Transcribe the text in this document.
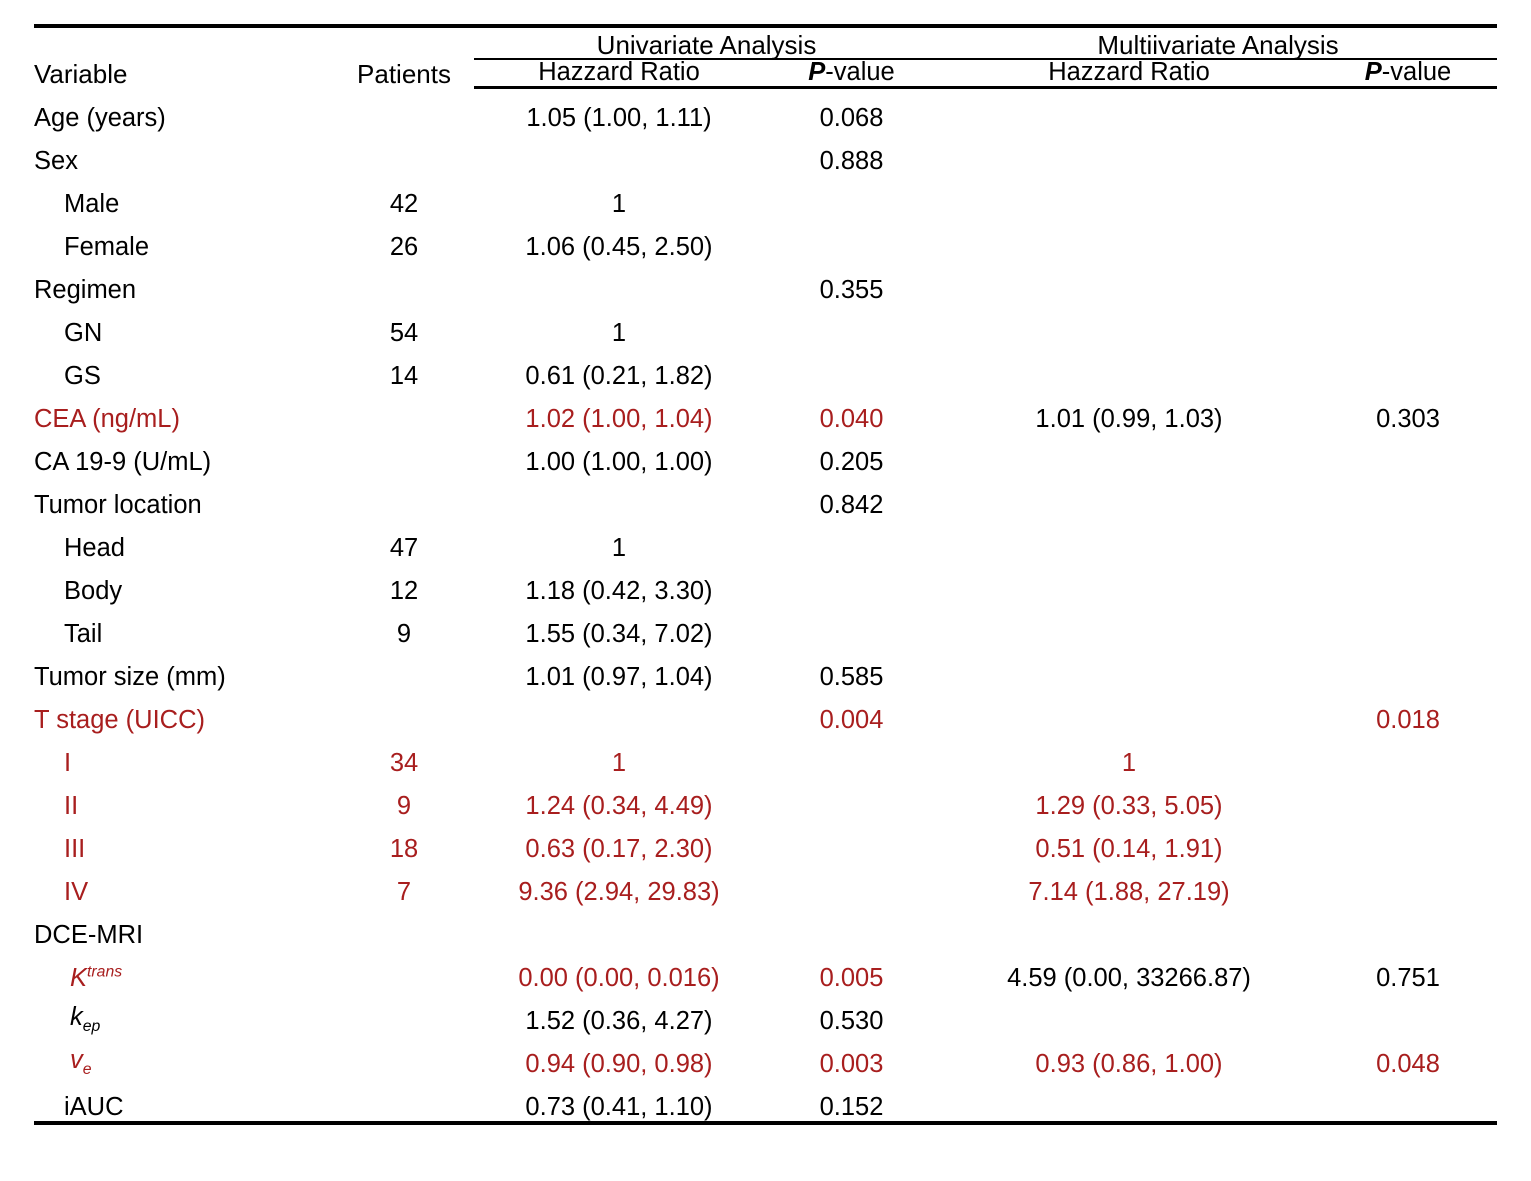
Variable	Patients	Univariate Analysis		Multiivariate Analysis	
		Hazzard Ratio	P-value	Hazzard Ratio	P-value
Age (years)		1.05 (1.00, 1.11)	0.068		
Sex			0.888		
Male	42	1			
Female	26	1.06 (0.45, 2.50)			
Regimen			0.355		
GN	54	1			
GS	14	0.61 (0.21, 1.82)			
CEA (ng/mL)		1.02 (1.00, 1.04)	0.040	1.01 (0.99, 1.03)	0.303
CA 19-9 (U/mL)		1.00 (1.00, 1.00)	0.205		
Tumor location			0.842		
Head	47	1			
Body	12	1.18 (0.42, 3.30)			
Tail	9	1.55 (0.34, 7.02)			
Tumor size (mm)		1.01 (0.97, 1.04)	0.585		
T stage (UICC)			0.004		0.018
I	34	1		1	
II	9	1.24 (0.34, 4.49)		1.29 (0.33, 5.05)	
III	18	0.63 (0.17, 2.30)		0.51 (0.14, 1.91)	
IV	7	9.36 (2.94, 29.83)		7.14 (1.88, 27.19)	
DCE-MRI					
$K^{trans}$		0.00 (0.00, 0.016)	0.005	4.59 (0.00, 33266.87)	0.751
$k_{ep}$		1.52 (0.36, 4.27)	0.530		
$v_e$		0.94 (0.90, 0.98)	0.003	0.93 (0.86, 1.00)	0.048
iAUC		0.73 (0.41, 1.10)	0.152		
